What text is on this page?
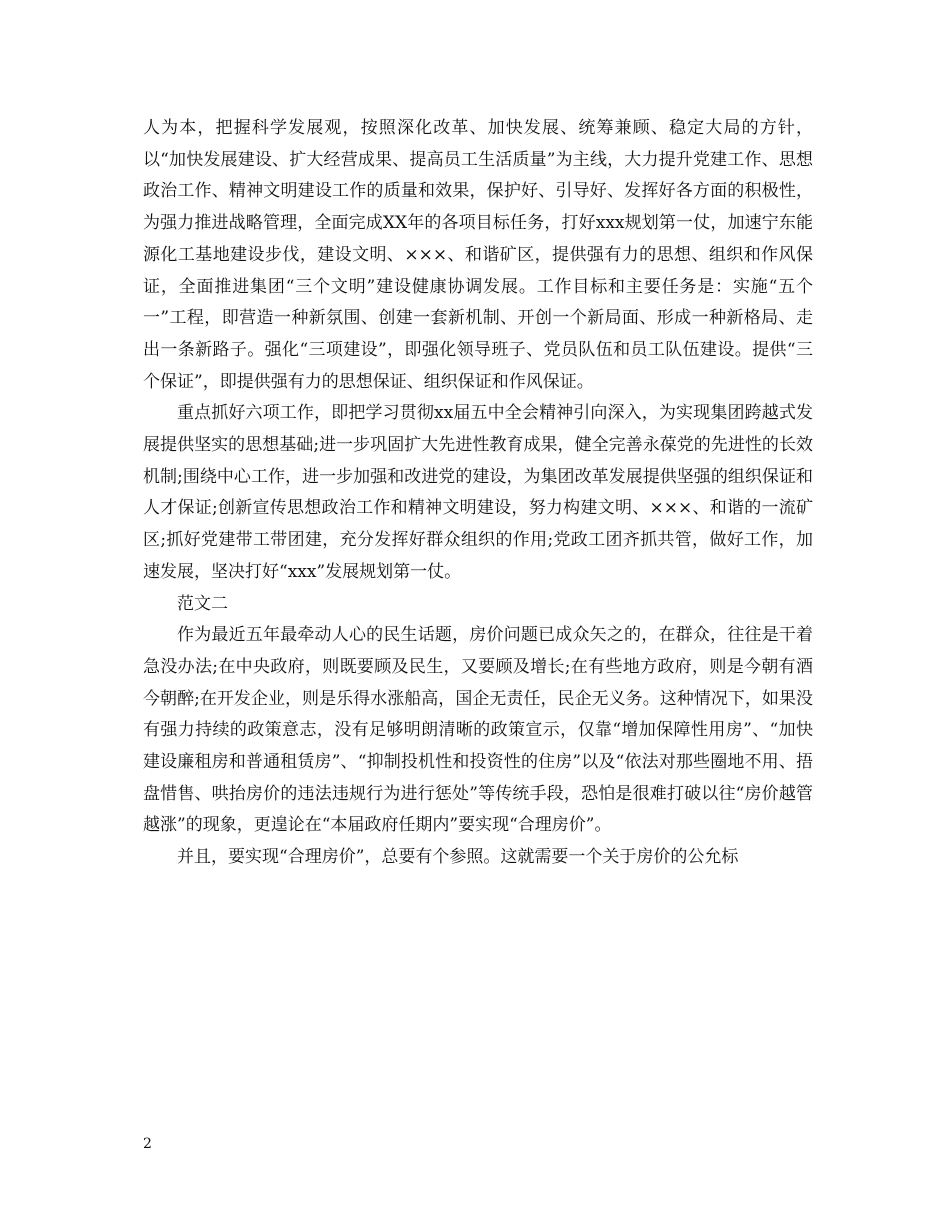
人为本，把握科学发展观，按照深化改革、加快发展、统筹兼顾、稳定大局的方针，以“加快发展建设、扩大经营成果、提高员工生活质量”为主线，大力提升党建工作、思想政治工作、精神文明建设工作的质量和效果，保护好、引导好、发挥好各方面的积极性，为强力推进战略管理，全面完成XX年的各项目标任务，打好xxx规划第一仗，加速宁东能源化工基地建设步伐，建设文明、×××、和谐矿区，提供强有力的思想、组织和作风保证，全面推进集团“三个文明”建设健康协调发展。工作目标和主要任务是：实施“五个一”工程，即营造一种新氛围、创建一套新机制、开创一个新局面、形成一种新格局、走出一条新路子。强化“三项建设”，即强化领导班子、党员队伍和员工队伍建设。提供“三个保证”，即提供强有力的思想保证、组织保证和作风保证。

重点抓好六项工作，即把学习贯彻xx届五中全会精神引向深入，为实现集团跨越式发展提供坚实的思想基础;进一步巩固扩大先进性教育成果，健全完善永葆党的先进性的长效机制;围绕中心工作，进一步加强和改进党的建设，为集团改革发展提供坚强的组织保证和人才保证;创新宣传思想政治工作和精神文明建设，努力构建文明、×××、和谐的一流矿区;抓好党建带工带团建，充分发挥好群众组织的作用;党政工团齐抓共管，做好工作，加速发展，坚决打好“xxx”发展规划第一仗。

范文二

作为最近五年最牵动人心的民生话题，房价问题已成众矢之的，在群众，往往是干着急没办法;在中央政府，则既要顾及民生，又要顾及增长;在有些地方政府，则是今朝有酒今朝醉;在开发企业，则是乐得水涨船高，国企无责任，民企无义务。这种情况下，如果没有强力持续的政策意志，没有足够明朗清晰的政策宣示，仅靠“增加保障性用房”、“加快建设廉租房和普通租赁房”、“抑制投机性和投资性的住房”以及“依法对那些圈地不用、捂盘惜售、哄抬房价的违法违规行为进行惩处”等传统手段，恐怕是很难打破以往“房价越管越涨”的现象，更遑论在“本届政府任期内”要实现“合理房价”。

并且，要实现“合理房价”，总要有个参照。这就需要一个关于房价的公允标

2
